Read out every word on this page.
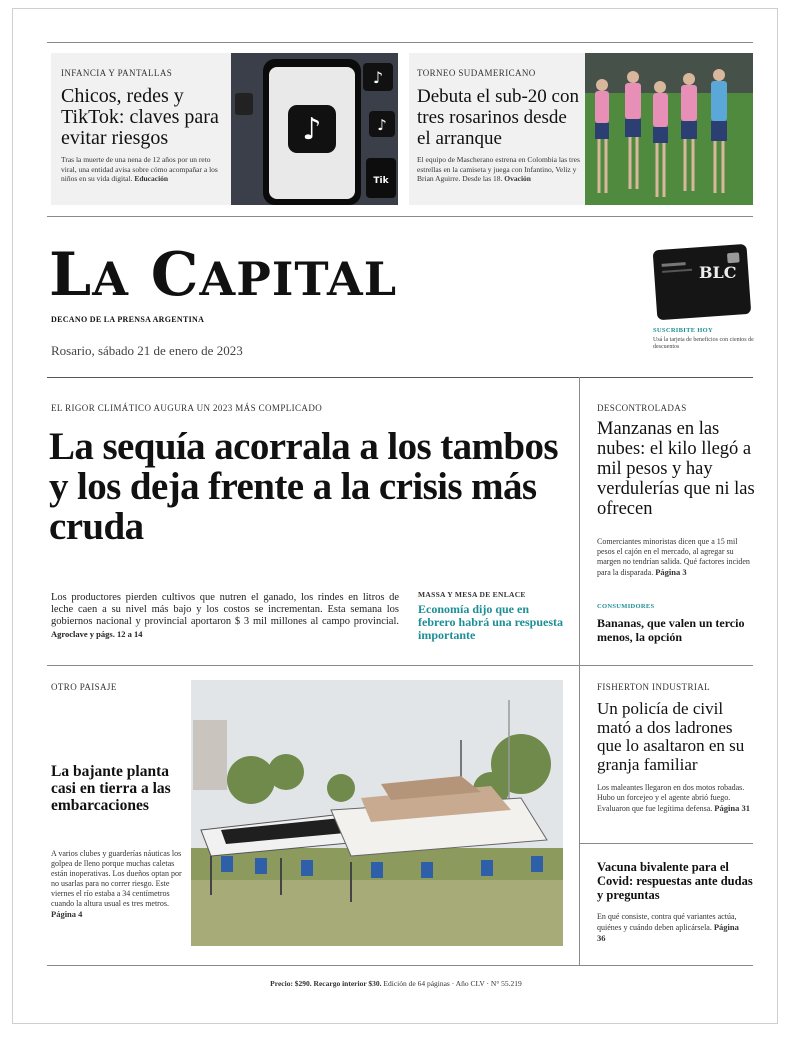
INFANCIA Y PANTALLAS
Chicos, redes y TikTok: claves para evitar riesgos
Tras la muerte de una nena de 12 años por un reto viral, una entidad avisa sobre cómo acompañar a los niños en su vida digital. Educación
♪
♪
♪
Tik
TORNEO SUDAMERICANO
Debuta el sub-20 con tres rosarinos desde el arranque
El equipo de Mascherano estrena en Colombia las tres estrellas en la camiseta y juega con Infantino, Veliz y Brian Aguirre. Desde las 18. Ovación
LA CAPITAL
DECANO DE LA PRENSA ARGENTINA
Rosario, sábado 21 de enero de 2023
BLC
SUSCRIBITE HOY
Usá la tarjeta de beneficios con cientos de descuentos
EL RIGOR CLIMÁTICO AUGURA UN 2023 MÁS COMPLICADO
La sequía acorrala a los tambos y los deja frente a la crisis más cruda
Los productores pierden cultivos que nutren el ganado, los rindes en litros de leche caen a su nivel más bajo y los costos se incrementan. Esta semana los gobiernos nacional y provincial aportaron $ 3 mil millones al campo provincial. Agroclave y págs. 12 a 14
MASSA Y MESA DE ENLACE
Economía dijo que en febrero habrá una respuesta importante
DESCONTROLADAS
Manzanas en las nubes: el kilo llegó a mil pesos y hay verdulerías que ni las ofrecen
Comerciantes minoristas dicen que a 15 mil pesos el cajón en el mercado, al agregar su margen no tendrían salida. Qué factores inciden para la disparada. Página 3
CONSUMIDORES
Bananas, que valen un tercio menos, la opción
OTRO PAISAJE
La bajante planta casi en tierra a las embarcaciones
A varios clubes y guarderías náuticas los golpea de lleno porque muchas caletas están inoperativas. Los dueños optan por no usarlas para no correr riesgo. Este viernes el río estaba a 34 centímetros cuando la altura usual es tres metros. Página 4
FISHERTON INDUSTRIAL
Un policía de civil mató a dos ladrones que lo asaltaron en su granja familiar
Los maleantes llegaron en dos motos robadas. Hubo un forcejeo y el agente abrió fuego. Evaluaron que fue legítima defensa. Página 31
Vacuna bivalente para el Covid: respuestas ante dudas y preguntas
En qué consiste, contra qué variantes actúa, quiénes y cuándo deben aplicársela. Página 36
Precio: $290. Recargo interior $30. Edición de 64 páginas · Año CLV · N° 55.219
